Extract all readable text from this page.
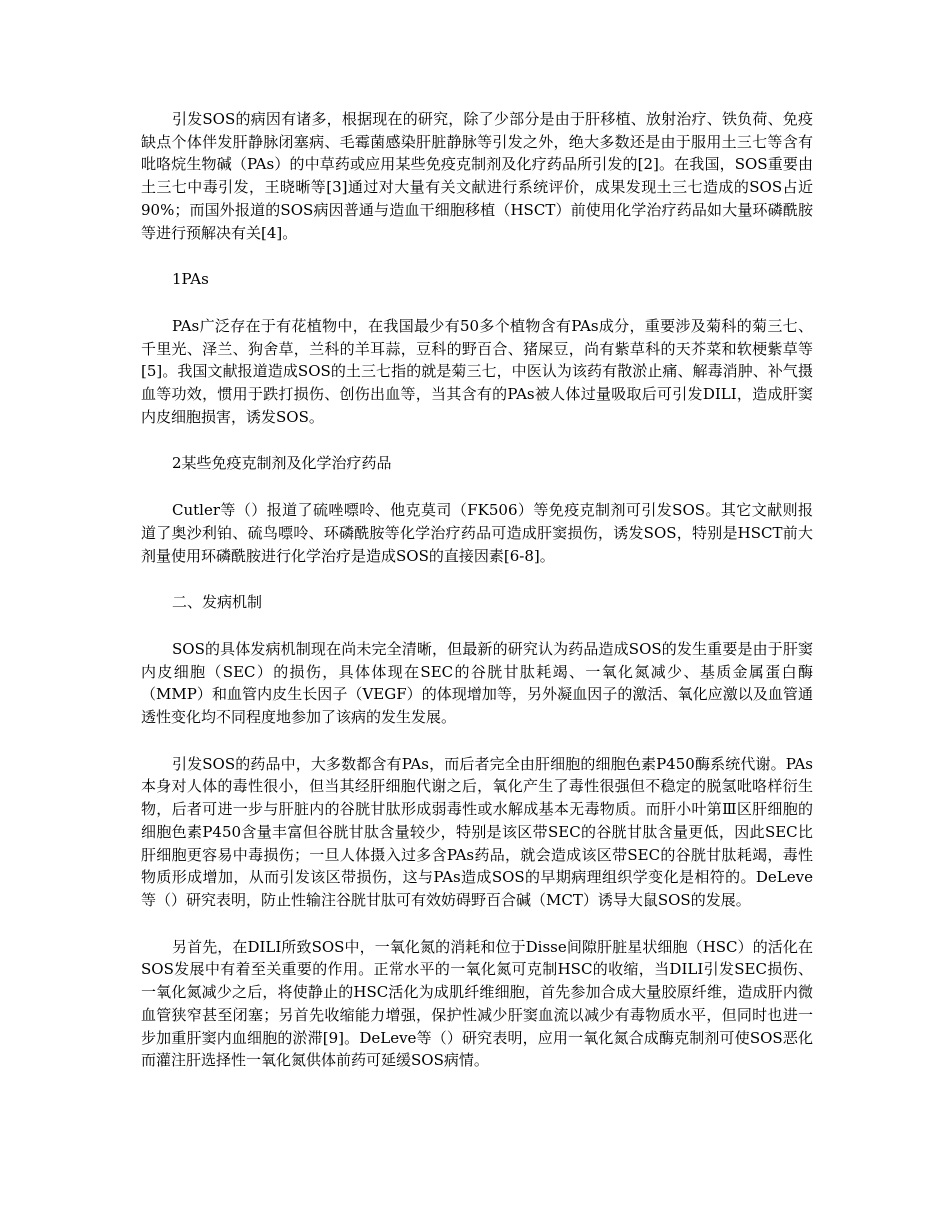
引发SOS的病因有诸多，根据现在的研究，除了少部分是由于肝移植、放射治疗、铁负荷、免疫缺点个体伴发肝静脉闭塞病、毛霉菌感染肝脏静脉等引发之外，绝大多数还是由于服用土三七等含有吡咯烷生物碱（PAs）的中草药或应用某些免疫克制剂及化疗药品所引发的[2]。在我国，SOS重要由土三七中毒引发，王晓晰等[3]通过对大量有关文献进行系统评价，成果发现土三七造成的SOS占近90%；而国外报道的SOS病因普通与造血干细胞移植（HSCT）前使用化学治疗药品如大量环磷酰胺等进行预解决有关[4]。

1PAs

PAs广泛存在于有花植物中，在我国最少有50多个植物含有PAs成分，重要涉及菊科的菊三七、千里光、泽兰、狗舍草，兰科的羊耳蒜，豆科的野百合、猪屎豆，尚有紫草科的天芥菜和软梗紫草等[5]。我国文献报道造成SOS的土三七指的就是菊三七，中医认为该药有散淤止痛、解毒消肿、补气摄血等功效，惯用于跌打损伤、创伤出血等，当其含有的PAs被人体过量吸取后可引发DILI，造成肝窦内皮细胞损害，诱发SOS。

2某些免疫克制剂及化学治疗药品

Cutler等（）报道了硫唑嘌呤、他克莫司（FK506）等免疫克制剂可引发SOS。其它文献则报道了奥沙利铂、硫鸟嘌呤、环磷酰胺等化学治疗药品可造成肝窦损伤，诱发SOS，特别是HSCT前大剂量使用环磷酰胺进行化学治疗是造成SOS的直接因素[6-8]。

二、发病机制

SOS的具体发病机制现在尚未完全清晰，但最新的研究认为药品造成SOS的发生重要是由于肝窦内皮细胞（SEC）的损伤，具体体现在SEC的谷胱甘肽耗竭、一氧化氮减少、基质金属蛋白酶（MMP）和血管内皮生长因子（VEGF）的体现增加等，另外凝血因子的激活、氧化应激以及血管通透性变化均不同程度地参加了该病的发生发展。

引发SOS的药品中，大多数都含有PAs，而后者完全由肝细胞的细胞色素P450酶系统代谢。PAs本身对人体的毒性很小，但当其经肝细胞代谢之后，氧化产生了毒性很强但不稳定的脱氢吡咯样衍生物，后者可进一步与肝脏内的谷胱甘肽形成弱毒性或水解成基本无毒物质。而肝小叶第Ⅲ区肝细胞的细胞色素P450含量丰富但谷胱甘肽含量较少，特别是该区带SEC的谷胱甘肽含量更低，因此SEC比肝细胞更容易中毒损伤；一旦人体摄入过多含PAs药品，就会造成该区带SEC的谷胱甘肽耗竭，毒性物质形成增加，从而引发该区带损伤，这与PAs造成SOS的早期病理组织学变化是相符的。DeLeve等（）研究表明，防止性输注谷胱甘肽可有效妨碍野百合碱（MCT）诱导大鼠SOS的发展。

另首先，在DILI所致SOS中，一氧化氮的消耗和位于Disse间隙肝脏星状细胞（HSC）的活化在SOS发展中有着至关重要的作用。正常水平的一氧化氮可克制HSC的收缩，当DILI引发SEC损伤、一氧化氮减少之后，将使静止的HSC活化为成肌纤维细胞，首先参加合成大量胶原纤维，造成肝内微血管狭窄甚至闭塞；另首先收缩能力增强，保护性减少肝窦血流以减少有毒物质水平，但同时也进一步加重肝窦内血细胞的淤滞[9]。DeLeve等（）研究表明，应用一氧化氮合成酶克制剂可使SOS恶化而灌注肝选择性一氧化氮供体前药可延缓SOS病情。
